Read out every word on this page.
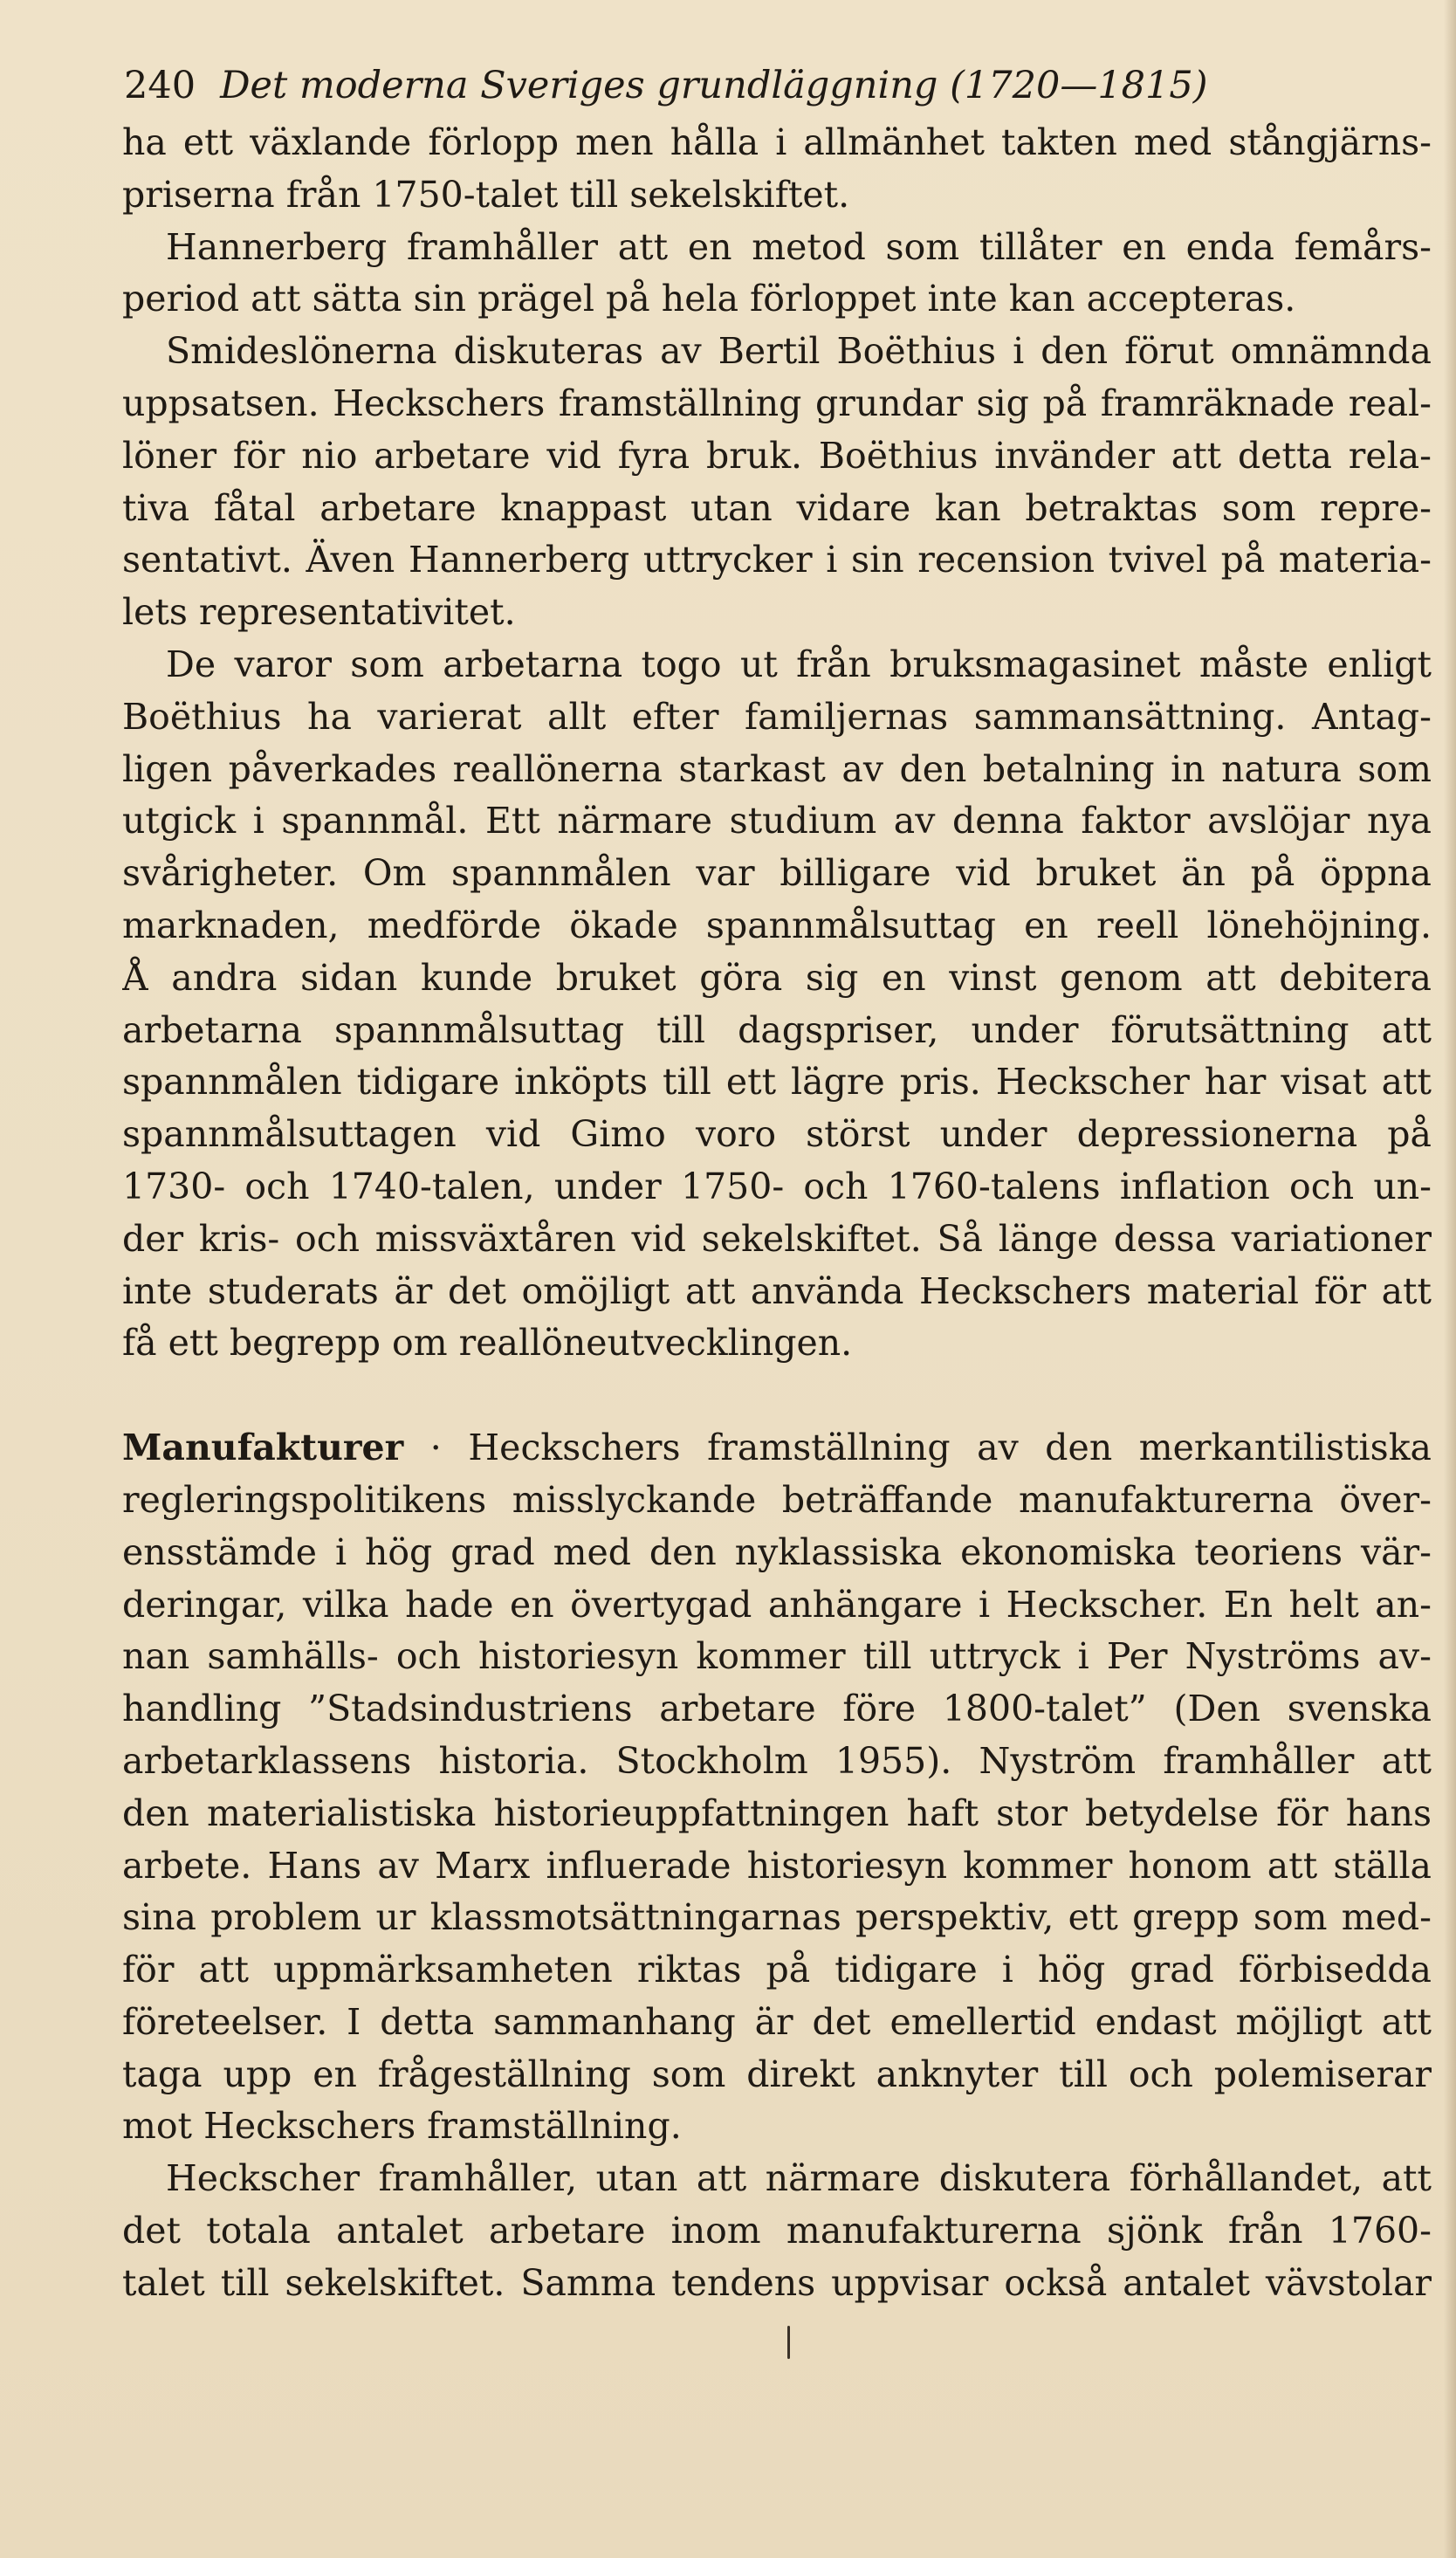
240 Det moderna Sveriges grundläggning (1720—1815)

ha ett växlande förlopp men hålla i allmänhet takten med stångjärns-
priserna från 1750-talet till sekelskiftet.

Hannerberg framhåller att en metod som tillåter en enda femårs-
period att sätta sin prägel på hela förloppet inte kan accepteras.

Smideslönerna diskuteras av Bertil Boëthius i den förut omnämnda
uppsatsen. Heckschers framställning grundar sig på framräknade real-
löner för nio arbetare vid fyra bruk. Boëthius invänder att detta rela-
tiva fåtal arbetare knappast utan vidare kan betraktas som repre-
sentativt. Även Hannerberg uttrycker i sin recension tvivel på materia-
lets representativitet.

De varor som arbetarna togo ut från bruksmagasinet måste enligt
Boëthius ha varierat allt efter familjernas sammansättning. Antag-
ligen påverkades reallönerna starkast av den betalning in natura som
utgick i spannmål. Ett närmare studium av denna faktor avslöjar nya
svårigheter. Om spannmålen var billigare vid bruket än på öppna
marknaden, medförde ökade spannmålsuttag en reell lönehöjning.
Å andra sidan kunde bruket göra sig en vinst genom att debitera
arbetarna spannmålsuttag till dagspriser, under förutsättning att
spannmålen tidigare inköpts till ett lägre pris. Heckscher har visat att
spannmålsuttagen vid Gimo voro störst under depressionerna på
1730- och 1740-talen, under 1750- och 1760-talens inflation och un-
der kris- och missväxtåren vid sekelskiftet. Så länge dessa variationer
inte studerats är det omöjligt att använda Heckschers material för att
få ett begrepp om reallöneutvecklingen.

Manufakturer · Heckschers framställning av den merkantilistiska
regleringspolitikens misslyckande beträffande manufakturerna över-
ensstämde i hög grad med den nyklassiska ekonomiska teoriens vär-
deringar, vilka hade en övertygad anhängare i Heckscher. En helt an-
nan samhälls- och historiesyn kommer till uttryck i Per Nyströms av-
handling ”Stadsindustriens arbetare före 1800-talet” (Den svenska
arbetarklassens historia. Stockholm 1955). Nyström framhåller att
den materialistiska historieuppfattningen haft stor betydelse för hans
arbete. Hans av Marx influerade historiesyn kommer honom att ställa
sina problem ur klassmotsättningarnas perspektiv, ett grepp som med-
för att uppmärksamheten riktas på tidigare i hög grad förbisedda
företeelser. I detta sammanhang är det emellertid endast möjligt att
taga upp en frågeställning som direkt anknyter till och polemiserar
mot Heckschers framställning.

Heckscher framhåller, utan att närmare diskutera förhållandet, att
det totala antalet arbetare inom manufakturerna sjönk från 1760-
talet till sekelskiftet. Samma tendens uppvisar också antalet vävstolar
